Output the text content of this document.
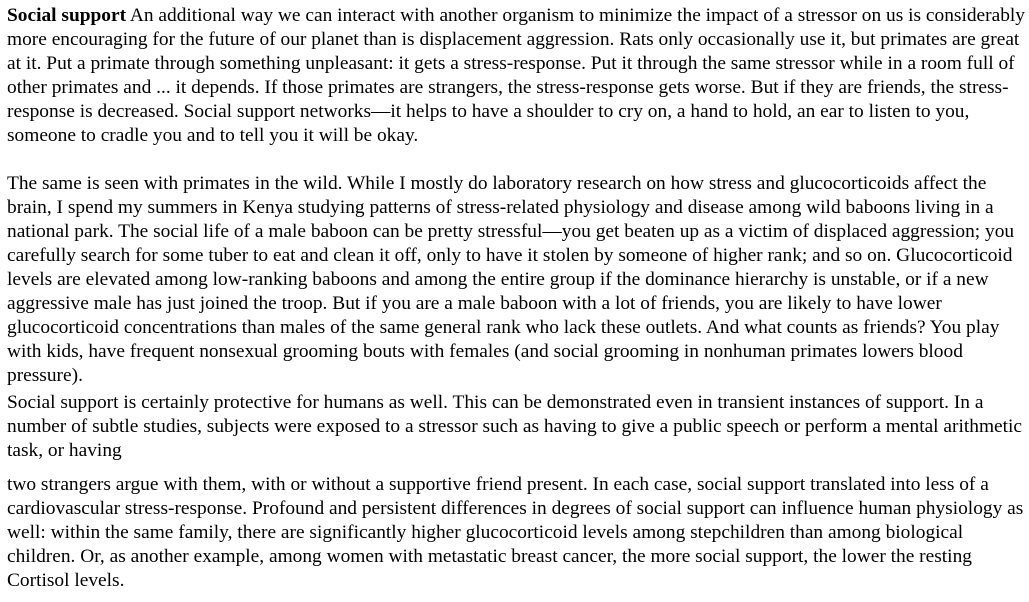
Social support An additional way we can interact with another organism to minimize the impact of a stressor on us is considerably more encouraging for the future of our planet than is displacement aggression. Rats only occasionally use it, but primates are great at it. Put a primate through something unpleasant: it gets a stress-response. Put it through the same stressor while in a room full of other primates and ... it depends. If those primates are strangers, the stress-response gets worse. But if they are friends, the stress-response is decreased. Social support networks—it helps to have a shoulder to cry on, a hand to hold, an ear to listen to you, someone to cradle you and to tell you it will be okay.

The same is seen with primates in the wild. While I mostly do laboratory research on how stress and glucocorticoids affect the brain, I spend my summers in Kenya studying patterns of stress-related physiology and disease among wild baboons living in a national park. The social life of a male baboon can be pretty stressful—you get beaten up as a victim of displaced aggression; you carefully search for some tuber to eat and clean it off, only to have it stolen by someone of higher rank; and so on. Glucocorticoid levels are elevated among low-ranking baboons and among the entire group if the dominance hierarchy is unstable, or if a new aggressive male has just joined the troop. But if you are a male baboon with a lot of friends, you are likely to have lower glucocorticoid concentrations than males of the same general rank who lack these outlets. And what counts as friends? You play with kids, have frequent nonsexual grooming bouts with females (and social grooming in nonhuman primates lowers blood pressure).

Social support is certainly protective for humans as well. This can be demonstrated even in transient instances of support. In a number of subtle studies, subjects were exposed to a stressor such as having to give a public speech or perform a mental arithmetic task, or having

two strangers argue with them, with or without a supportive friend present. In each case, social support translated into less of a cardiovascular stress-response. Profound and persistent differences in degrees of social support can influence human physiology as well: within the same family, there are significantly higher glucocorticoid levels among stepchildren than among biological children. Or, as another example, among women with metastatic breast cancer, the more social support, the lower the resting Cortisol levels.
